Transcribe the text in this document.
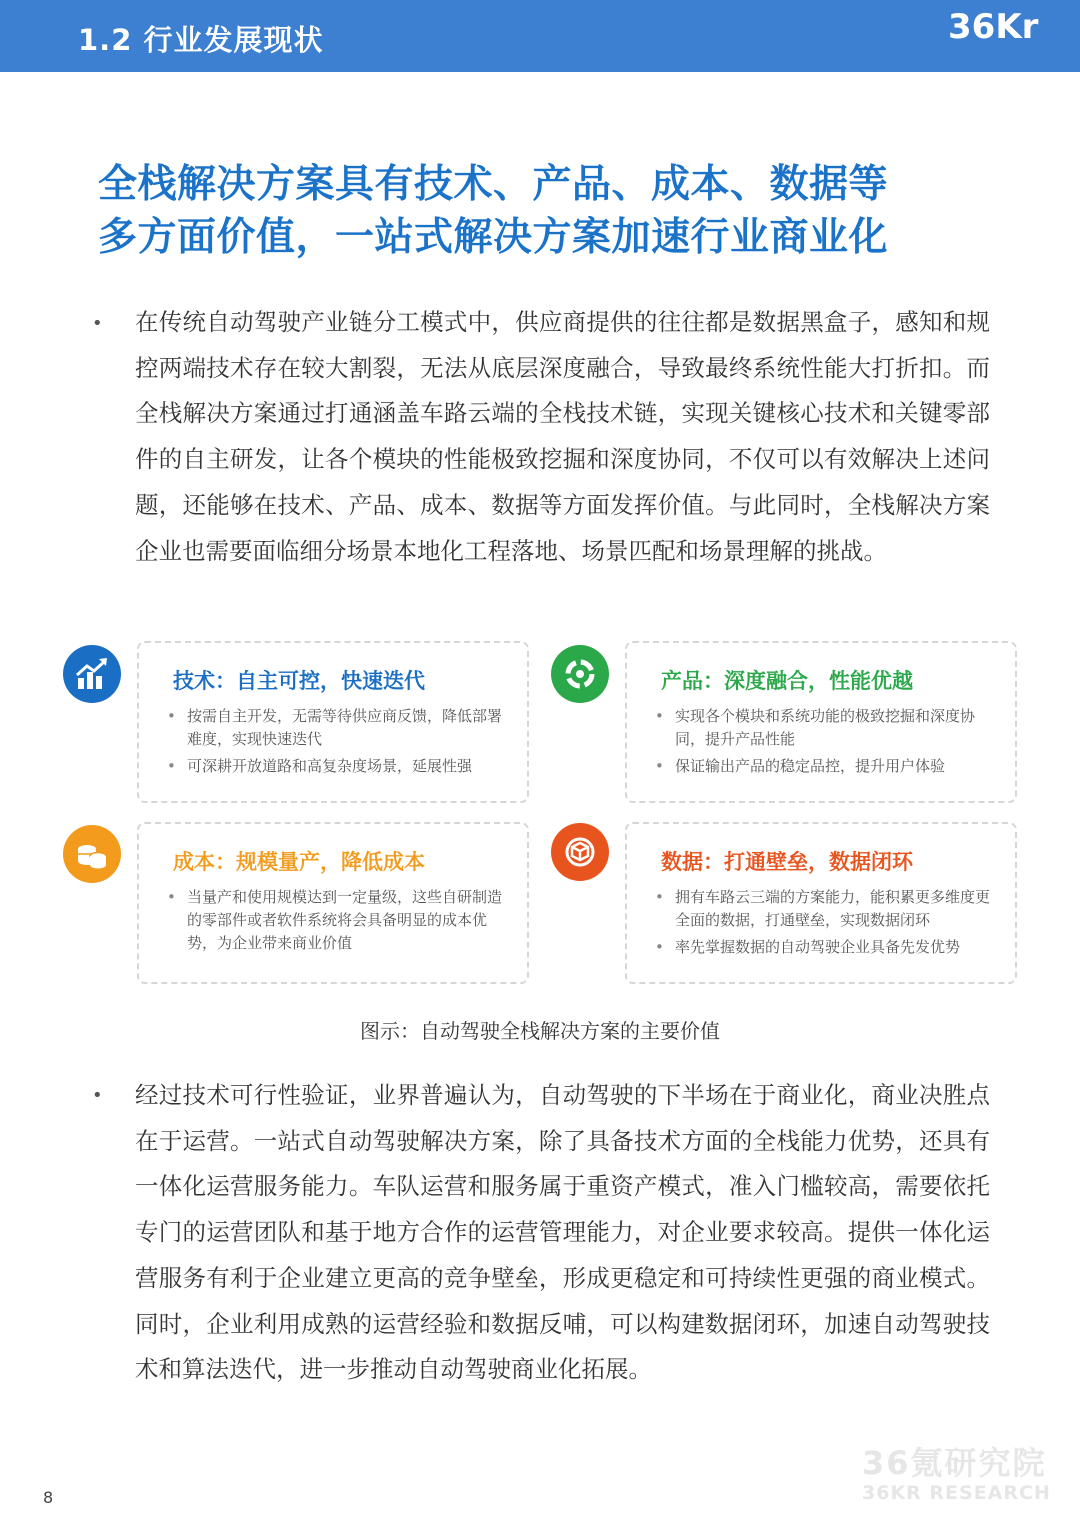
1.2 行业发展现状	36Kr
全栈解决方案具有技术、产品、成本、数据等
多方面价值，一站式解决方案加速行业商业化
• 在传统自动驾驶产业链分工模式中，供应商提供的往往都是数据黑盒子，感知和规控两端技术存在较大割裂，无法从底层深度融合，导致最终系统性能大打折扣。而全栈解决方案通过打通涵盖车路云端的全栈技术链，实现关键核心技术和关键零部件的自主研发，让各个模块的性能极致挖掘和深度协同，不仅可以有效解决上述问题，还能够在技术、产品、成本、数据等方面发挥价值。与此同时，全栈解决方案企业也需要面临细分场景本地化工程落地、场景匹配和场景理解的挑战。
技术：自主可控，快速迭代
• 按需自主开发，无需等待供应商反馈，降低部署难度，实现快速迭代
• 可深耕开放道路和高复杂度场景，延展性强
产品：深度融合，性能优越
• 实现各个模块和系统功能的极致挖掘和深度协同，提升产品性能
• 保证输出产品的稳定品控，提升用户体验
成本：规模量产，降低成本
• 当量产和使用规模达到一定量级，这些自研制造的零部件或者软件系统将会具备明显的成本优势，为企业带来商业价值
数据：打通壁垒，数据闭环
• 拥有车路云三端的方案能力，能积累更多维度更全面的数据，打通壁垒，实现数据闭环
• 率先掌握数据的自动驾驶企业具备先发优势
图示：自动驾驶全栈解决方案的主要价值
• 经过技术可行性验证，业界普遍认为，自动驾驶的下半场在于商业化，商业决胜点在于运营。一站式自动驾驶解决方案，除了具备技术方面的全栈能力优势，还具有一体化运营服务能力。车队运营和服务属于重资产模式，准入门槛较高，需要依托专门的运营团队和基于地方合作的运营管理能力，对企业要求较高。提供一体化运营服务有利于企业建立更高的竞争壁垒，形成更稳定和可持续性更强的商业模式。同时，企业利用成熟的运营经验和数据反哺，可以构建数据闭环，加速自动驾驶技术和算法迭代，进一步推动自动驾驶商业化拓展。
8
36氪研究院
36KR RESEARCH
